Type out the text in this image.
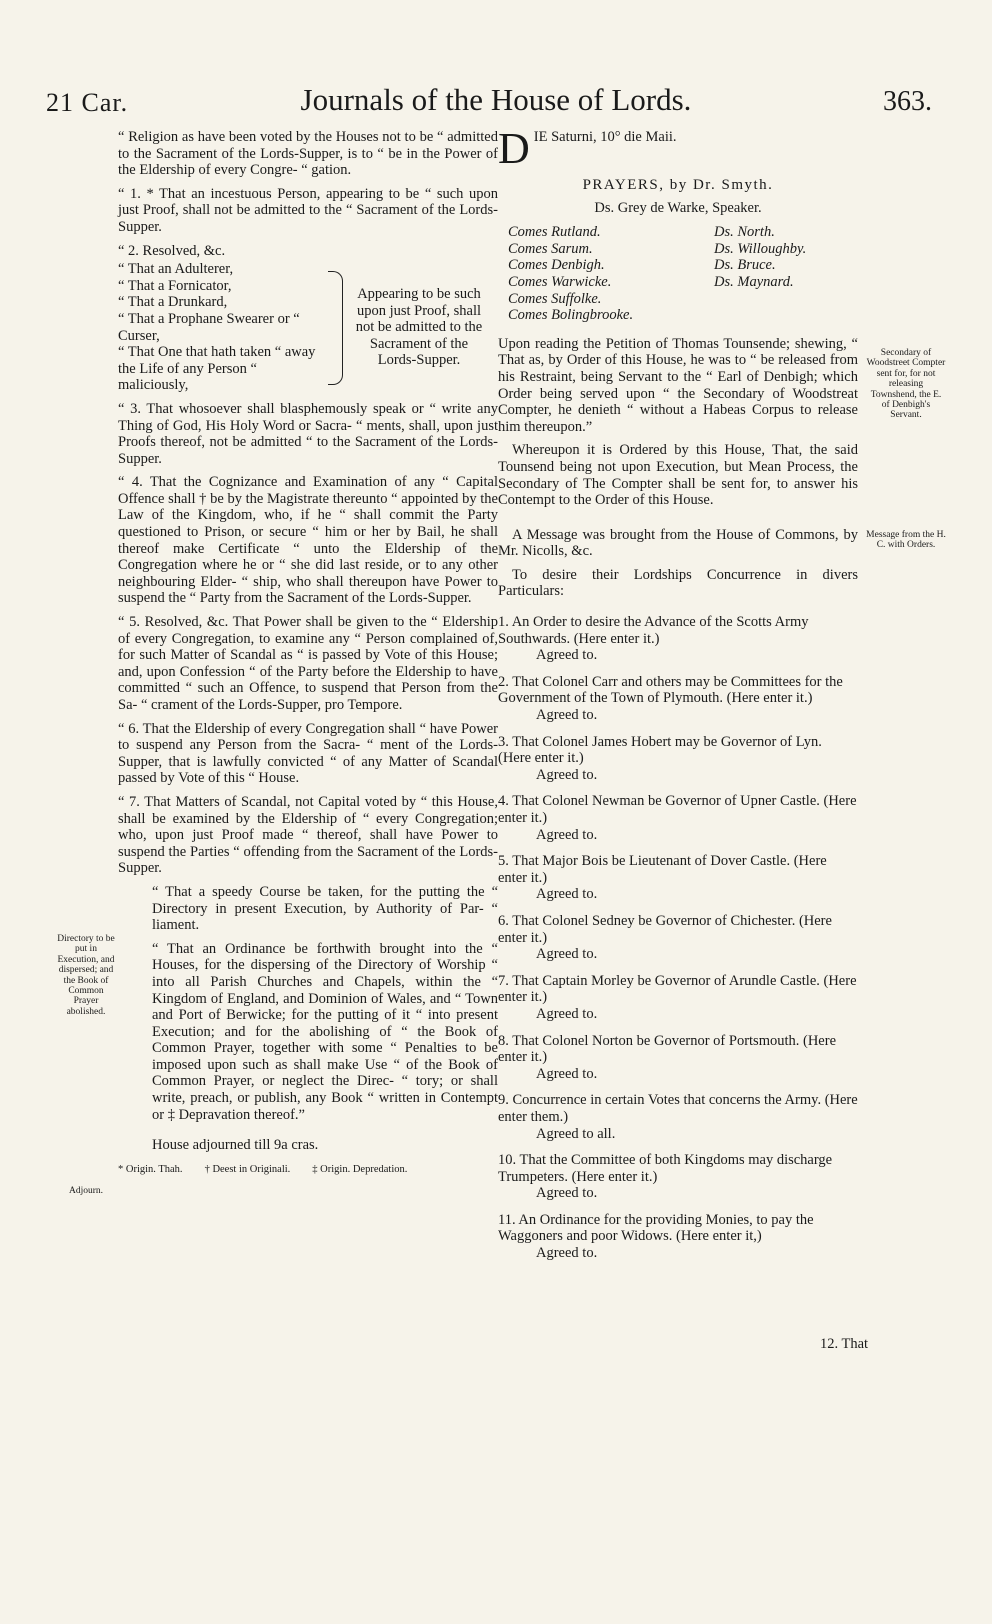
21 Car.	Journals of the House of Lords.	363.
Directory to be put in Execution, and dispersed; and the Book of Common Prayer abolished.
Adjourn.
Secondary of Woodstreet Compter sent for, for not releasing Townshend, the E. of Denbigh's Servant.
Message from the H. C. with Orders.

“ Religion as have been voted by the Houses not to be “ admitted to the Sacrament of the Lords-Supper, is to “ be in the Power of the Eldership of every Congre- “ gation.

“ 1. * That an incestuous Person, appearing to be “ such upon just Proof, shall not be admitted to the “ Sacrament of the Lords-Supper.

“ 2. Resolved, &c.

“ That an Adulterer,
“ That a Fornicator,
“ That a Drunkard,
“ That a Prophane Swearer or “ Curser,
“ That One that hath taken “ away the Life of any Person “ maliciously,
Appearing to be such upon just Proof, shall not be admitted to the Sacrament of the Lords-Supper.

“ 3. That whosoever shall blasphemously speak or “ write any Thing of God, His Holy Word or Sacra- “ ments, shall, upon just Proofs thereof, not be admitted “ to the Sacrament of the Lords-Supper.

“ 4. That the Cognizance and Examination of any “ Capital Offence shall † be by the Magistrate thereunto “ appointed by the Law of the Kingdom, who, if he “ shall commit the Party questioned to Prison, or secure “ him or her by Bail, he shall thereof make Certificate “ unto the Eldership of the Congregation where he or “ she did last reside, or to any other neighbouring Elder- “ ship, who shall thereupon have Power to suspend the “ Party from the Sacrament of the Lords-Supper.

“ 5. Resolved, &c. That Power shall be given to the “ Eldership of every Congregation, to examine any “ Person complained of, for such Matter of Scandal as “ is passed by Vote of this House; and, upon Confession “ of the Party before the Eldership to have committed “ such an Offence, to suspend that Person from the Sa- “ crament of the Lords-Supper, pro Tempore.

“ 6. That the Eldership of every Congregation shall “ have Power to suspend any Person from the Sacra- “ ment of the Lords-Supper, that is lawfully convicted “ of any Matter of Scandal passed by Vote of this “ House.

“ 7. That Matters of Scandal, not Capital voted by “ this House, shall be examined by the Eldership of “ every Congregation; who, upon just Proof made “ thereof, shall have Power to suspend the Parties “ offending from the Sacrament of the Lords-Supper.

“ That a speedy Course be taken, for the putting the “ Directory in present Execution, by Authority of Par- “ liament.

“ That an Ordinance be forthwith brought into the “ Houses, for the dispersing of the Directory of Worship “ into all Parish Churches and Chapels, within the “ Kingdom of England, and Dominion of Wales, and “ Town and Port of Berwicke; for the putting of it “ into present Execution; and for the abolishing of “ the Book of Common Prayer, together with some “ Penalties to be imposed upon such as shall make Use “ of the Book of Common Prayer, or neglect the Direc- “ tory; or shall write, preach, or publish, any Book “ written in Contempt or ‡ Depravation thereof.”

House adjourned till 9a cras.

* Origin. Thah. † Deest in Originali. ‡ Origin. Depredation.
D IE Saturni, 10° die Maii.
PRAYERS, by Dr. Smyth.
Ds. Grey de Warke, Speaker.
Comes Rutland.
Comes Sarum.
Comes Denbigh.
Comes Warwicke.
Comes Suffolke.
Comes Bolingbrooke.
Ds. North.
Ds. Willoughby.
Ds. Bruce.
Ds. Maynard.

Upon reading the Petition of Thomas Tounsende; shewing, “ That as, by Order of this House, he was to “ be released from his Restraint, being Servant to the “ Earl of Denbigh; which Order being served upon “ the Secondary of Woodstreat Compter, he denieth “ without a Habeas Corpus to release him thereupon.”

Whereupon it is Ordered by this House, That, the said Tounsend being not upon Execution, but Mean Process, the Secondary of The Compter shall be sent for, to answer his Contempt to the Order of this House.

A Message was brought from the House of Commons, by Mr. Nicolls, &c.

To desire their Lordships Concurrence in divers Particulars:

1. An Order to desire the Advance of the Scotts Army Southwards. (Here enter it.)
Agreed to.
2. That Colonel Carr and others may be Committees for the Government of the Town of Plymouth. (Here enter it.)
Agreed to.
3. That Colonel James Hobert may be Governor of Lyn. (Here enter it.)
Agreed to.
4. That Colonel Newman be Governor of Upner Castle. (Here enter it.)
Agreed to.
5. That Major Bois be Lieutenant of Dover Castle. (Here enter it.)
Agreed to.
6. That Colonel Sedney be Governor of Chichester. (Here enter it.)
Agreed to.
7. That Captain Morley be Governor of Arundle Castle. (Here enter it.)
Agreed to.
8. That Colonel Norton be Governor of Portsmouth. (Here enter it.)
Agreed to.
9. Concurrence in certain Votes that concerns the Army. (Here enter them.)
Agreed to all.
10. That the Committee of both Kingdoms may discharge Trumpeters. (Here enter it.)
Agreed to.
11. An Ordinance for the providing Monies, to pay the Waggoners and poor Widows. (Here enter it,)
Agreed to.
12. That
